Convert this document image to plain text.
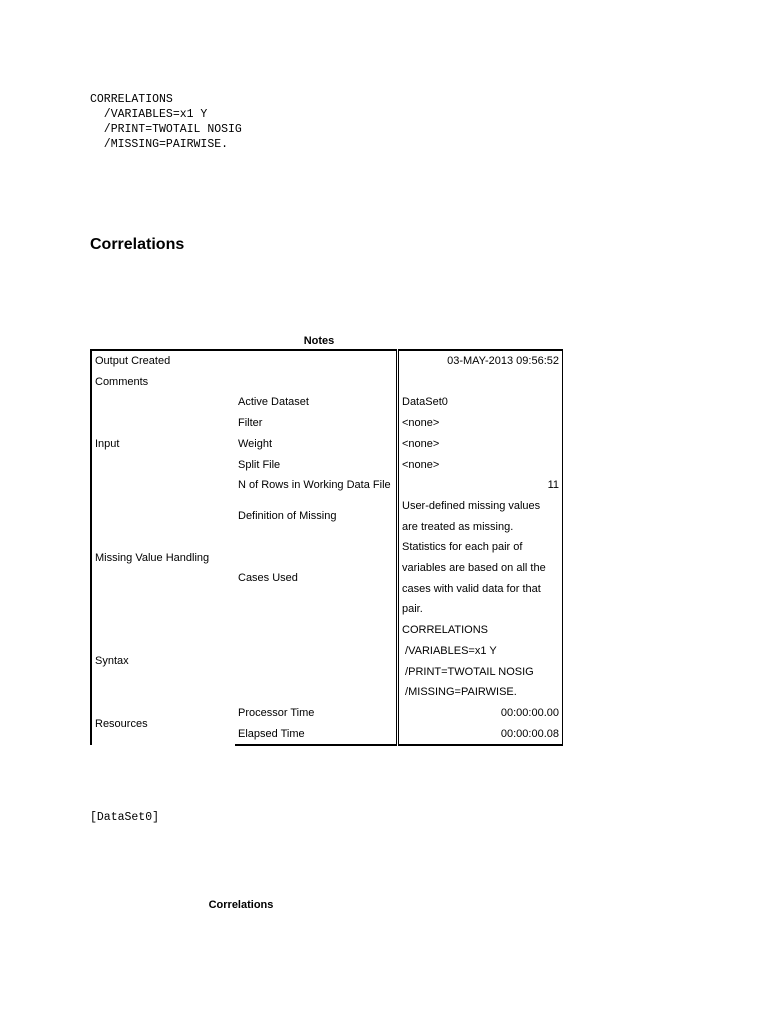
CORRELATIONS
/VARIABLES=x1 Y
/PRINT=TWOTAIL NOSIG
/MISSING=PAIRWISE.
Correlations
Notes
Output Created		03-MAY-2013 09:56:52
Comments		
Input	Active Dataset	DataSet0
	Filter	<none>
	Weight	<none>
	Split File	<none>
	N of Rows in Working Data File	11
Missing Value Handling	Definition of Missing	User-defined missing values are treated as missing.
	Cases Used	Statistics for each pair of variables are based on all the cases with valid data for that pair.
Syntax		CORRELATIONS
/VARIABLES=x1 Y
/PRINT=TWOTAIL NOSIG
/MISSING=PAIRWISE.

Resources	Processor Time	00:00:00.00
	Elapsed Time	00:00:00.08
[DataSet0]
Correlations
